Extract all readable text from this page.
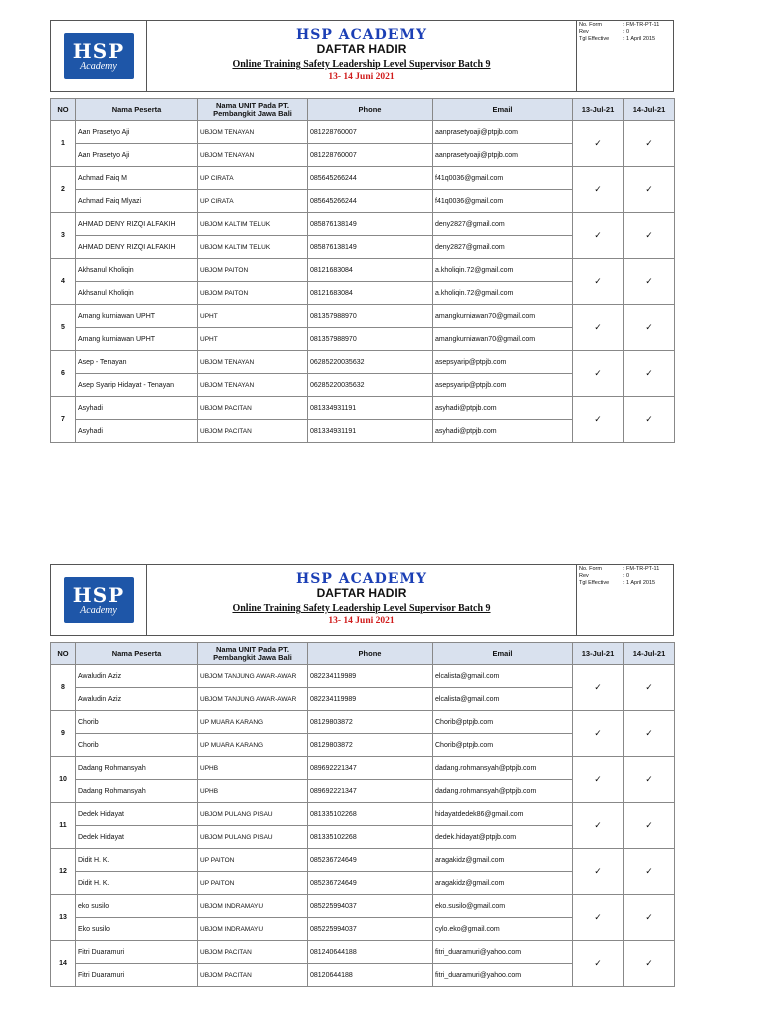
HSP
Academy
HSP ACADEMY
DAFTAR HADIR
Online Training Safety Leadership Level Supervisor Batch 9
13- 14 Juni 2021
No. Form	: FM-TR-PT-11
Rev	: 0
Tgl Effective	: 1 April 2015
NO	Nama Peserta	Nama UNIT Pada PT. Pembangkit Jawa Bali	Phone	Email	13-Jul-21	14-Jul-21
1	Aan Prasetyo Aji	UBJOM TENAYAN	081228760007	aanprasetyoaji@ptpjb.com	✓	✓
	Aan Prasetyo Aji	UBJOM TENAYAN	081228760007	aanprasetyoaji@ptpjb.com		
2	Achmad Faiq M	UP CIRATA	085645266244	f41q0036@gmail.com	✓	✓
	Achmad Faiq Mlyazi	UP CIRATA	085645266244	f41q0036@gmail.com		
3	AHMAD DENY RIZQI ALFAKIH	UBJOM KALTIM TELUK	085876138149	deny2827@gmail.com	✓	✓
	AHMAD DENY RIZQI ALFAKIH	UBJOM KALTIM TELUK	085876138149	deny2827@gmail.com		
4	Akhsanul Kholiqin	UBJOM PAITON	08121683084	a.kholiqin.72@gmail.com	✓	✓
	Akhsanul Kholiqin	UBJOM PAITON	08121683084	a.kholiqin.72@gmail.com		
5	Amang kurniawan UPHT	UPHT	081357988970	amangkurniawan70@gmail.com	✓	✓
	Amang kurniawan UPHT	UPHT	081357988970	amangkurniawan70@gmail.com		
6	Asep - Tenayan	UBJOM TENAYAN	06285220035632	asepsyarip@ptpjb.com	✓	✓
	Asep Syarip Hidayat - Tenayan	UBJOM TENAYAN	06285220035632	asepsyarip@ptpjb.com		
7	Asyhadi	UBJOM PACITAN	081334931191	asyhadi@ptpjb.com	✓	✓
	Asyhadi	UBJOM PACITAN	081334931191	asyhadi@ptpjb.com		
HSP
Academy
HSP ACADEMY
DAFTAR HADIR
Online Training Safety Leadership Level Supervisor Batch 9
13- 14 Juni 2021
No. Form	: FM-TR-PT-11
Rev	: 0
Tgl Effective	: 1 April 2015
NO	Nama Peserta	Nama UNIT Pada PT. Pembangkit Jawa Bali	Phone	Email	13-Jul-21	14-Jul-21
8	Awaludin Aziz	UBJOM TANJUNG AWAR-AWAR	082234119989	elcalista@gmail.com	✓	✓
	Awaludin Aziz	UBJOM TANJUNG AWAR-AWAR	082234119989	elcalista@gmail.com		
9	Chorib	UP MUARA KARANG	08129803872	Chorib@ptpjb.com	✓	✓
	Chorib	UP MUARA KARANG	08129803872	Chorib@ptpjb.com		
10	Dadang Rohmansyah	UPHB	089692221347	dadang.rohmansyah@ptpjb.com	✓	✓
	Dadang Rohmansyah	UPHB	089692221347	dadang.rohmansyah@ptpjb.com		
11	Dedek Hidayat	UBJOM PULANG PISAU	081335102268	hidayatdedek86@gmail.com	✓	✓
	Dedek Hidayat	UBJOM PULANG PISAU	081335102268	dedek.hidayat@ptpjb.com		
12	Didit H. K.	UP PAITON	085236724649	aragakidz@gmail.com	✓	✓
	Didit H. K.	UP PAITON	085236724649	aragakidz@gmail.com		
13	eko susilo	UBJOM INDRAMAYU	085225994037	eko.susilo@gmail.com	✓	✓
	Eko susilo	UBJOM INDRAMAYU	085225994037	cylo.eko@gmail.com		
14	Fitri Duaramuri	UBJOM PACITAN	081240644188	fitri_duaramuri@yahoo.com	✓	✓
	Fitri Duaramuri	UBJOM PACITAN	08120644188	fitri_duaramuri@yahoo.com		
